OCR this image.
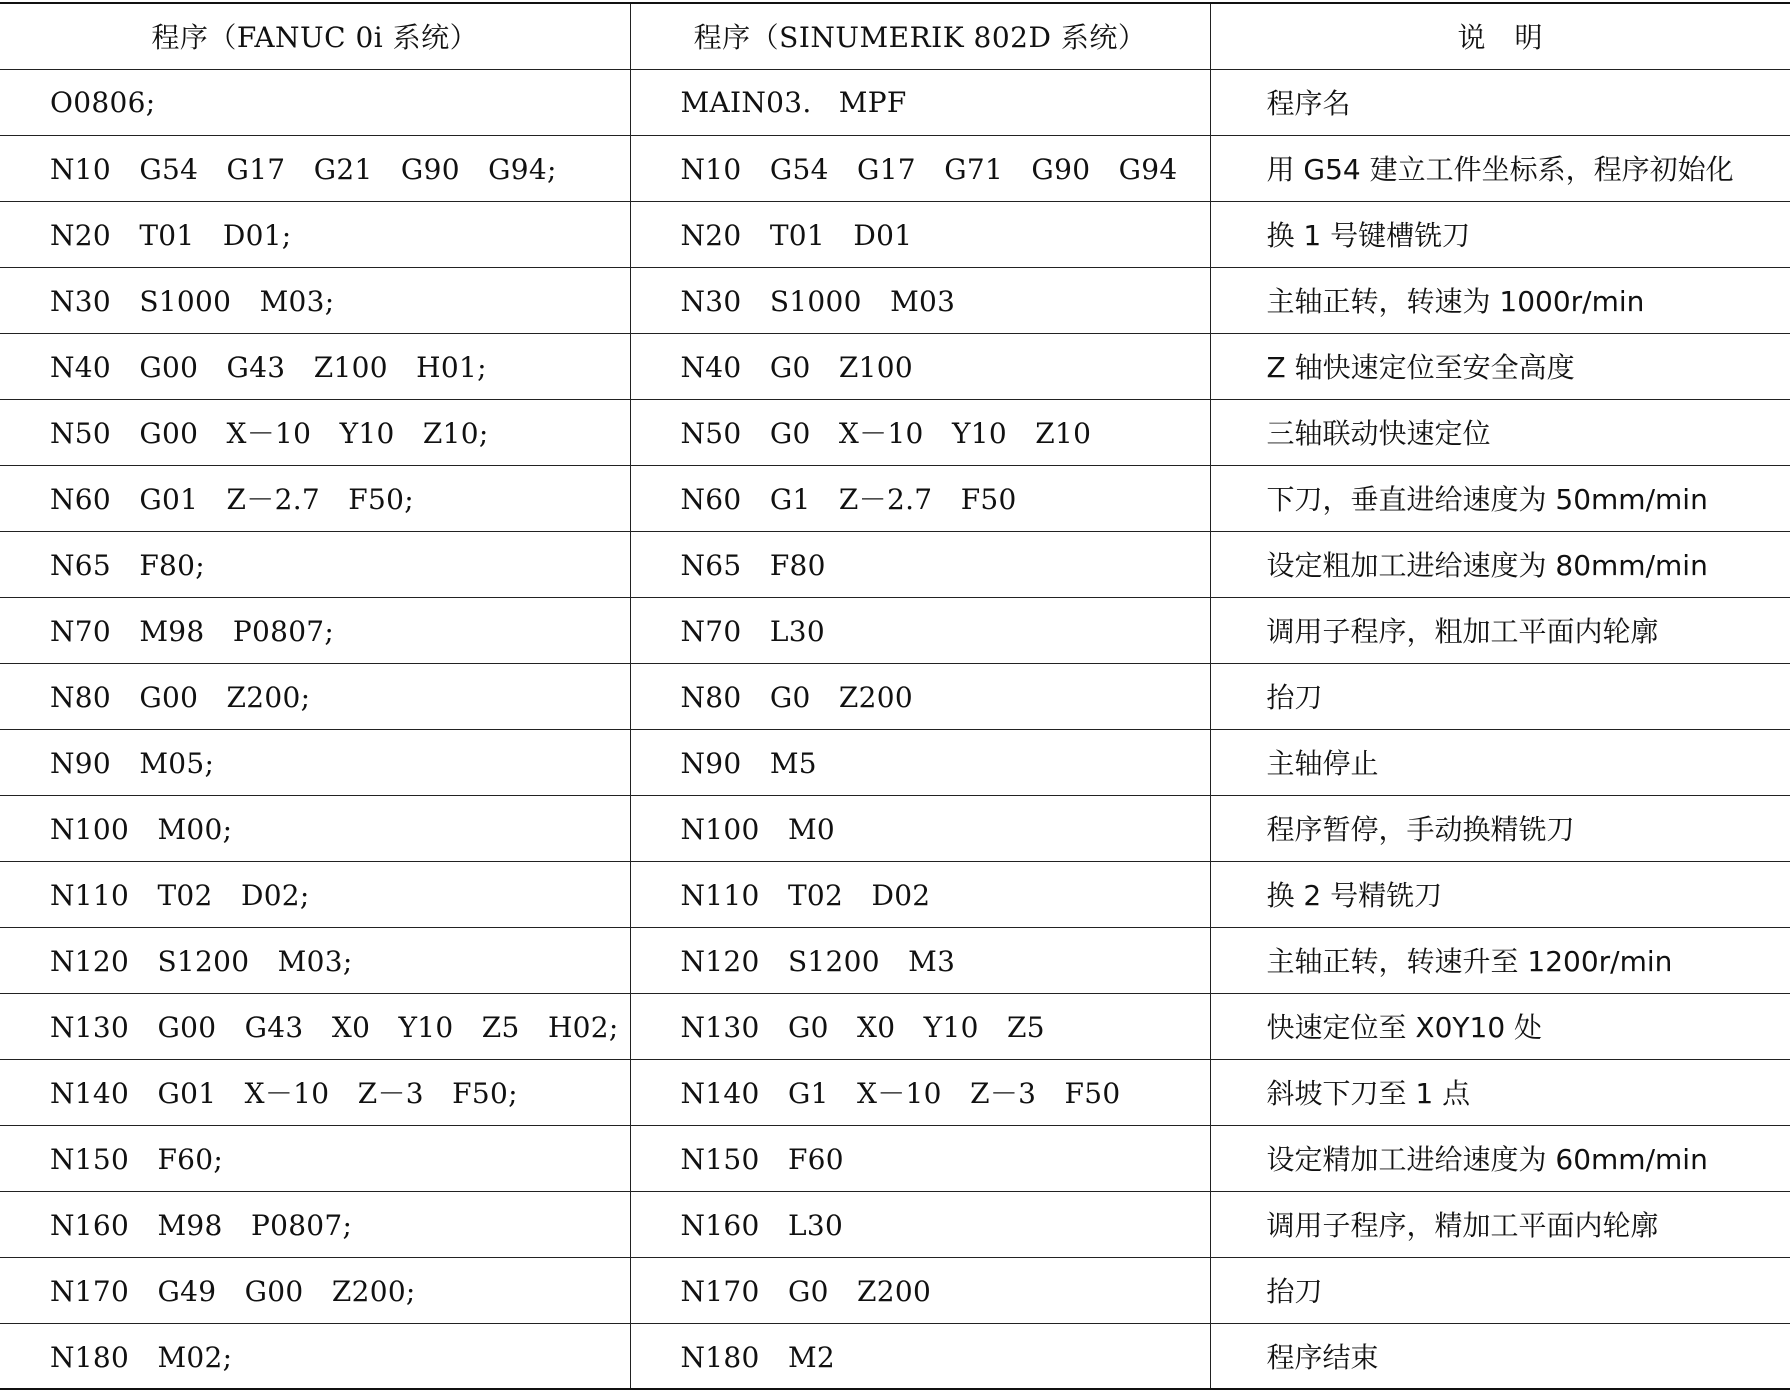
程序（FANUC 0i 系统）	程序（SINUMERIK 802D 系统）	说　明
O0806;	MAIN03. MPF	程序名
N10　G54　G17　G21　G90　G94;	N10　G54　G17　G71　G90　G94	用 G54 建立工件坐标系，程序初始化
N20　T01　D01;	N20　T01　D01	换 1 号键槽铣刀
N30　S1000　M03;	N30　S1000　M03	主轴正转，转速为 1000r/min
N40　G00　G43　Z100　H01;	N40　G0　Z100	Z 轴快速定位至安全高度
N50　G00　X－10　Y10　Z10;	N50　G0　X－10　Y10　Z10	三轴联动快速定位
N60　G01　Z－2.7　F50;	N60　G1　Z－2.7　F50	下刀，垂直进给速度为 50mm/min
N65　F80;	N65　F80	设定粗加工进给速度为 80mm/min
N70　M98　P0807;	N70　L30	调用子程序，粗加工平面内轮廓
N80　G00　Z200;	N80　G0　Z200	抬刀
N90　M05;	N90　M5	主轴停止
N100　M00;	N100　M0	程序暂停，手动换精铣刀
N110　T02　D02;	N110　T02　D02	换 2 号精铣刀
N120　S1200　M03;	N120　S1200　M3	主轴正转，转速升至 1200r/min
N130　G00　G43　X0　Y10　Z5　H02;	N130　G0　X0　Y10　Z5	快速定位至 X0Y10 处
N140　G01　X－10　Z－3　F50;	N140　G1　X－10　Z－3　F50	斜坡下刀至 1 点
N150　F60;	N150　F60	设定精加工进给速度为 60mm/min
N160　M98　P0807;	N160　L30	调用子程序，精加工平面内轮廓
N170　G49　G00　Z200;	N170　G0　Z200	抬刀
N180　M02;	N180　M2	程序结束
